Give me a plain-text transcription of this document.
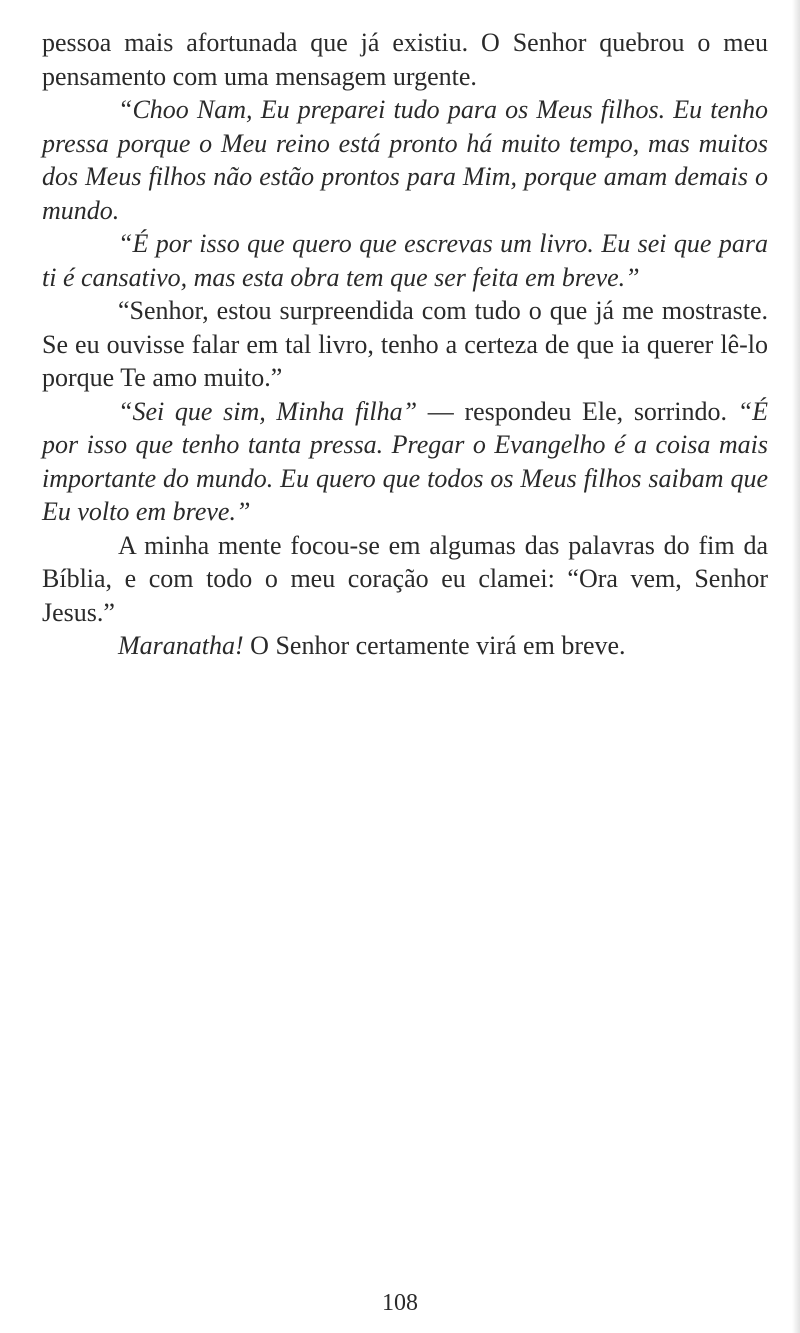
pessoa mais afortunada que já existiu. O Senhor quebrou o meu pensamento com uma mensagem urgente.

“Choo Nam, Eu preparei tudo para os Meus filhos. Eu tenho pressa porque o Meu reino está pronto há muito tempo, mas muitos dos Meus filhos não estão prontos para Mim, porque amam demais o mundo.

“É por isso que quero que escrevas um livro. Eu sei que para ti é cansativo, mas esta obra tem que ser feita em breve.”

“Senhor, estou surpreendida com tudo o que já me mostraste. Se eu ouvisse falar em tal livro, tenho a certeza de que ia querer lê-lo porque Te amo muito.”

“Sei que sim, Minha filha” — respondeu Ele, sorrindo. “É por isso que tenho tanta pressa. Pregar o Evangelho é a coisa mais importante do mundo. Eu quero que todos os Meus filhos saibam que Eu volto em breve.”

A minha mente focou-se em algumas das palavras do fim da Bíblia, e com todo o meu coração eu clamei: “Ora vem, Senhor Jesus.”

Maranatha! O Senhor certamente virá em breve.

108
